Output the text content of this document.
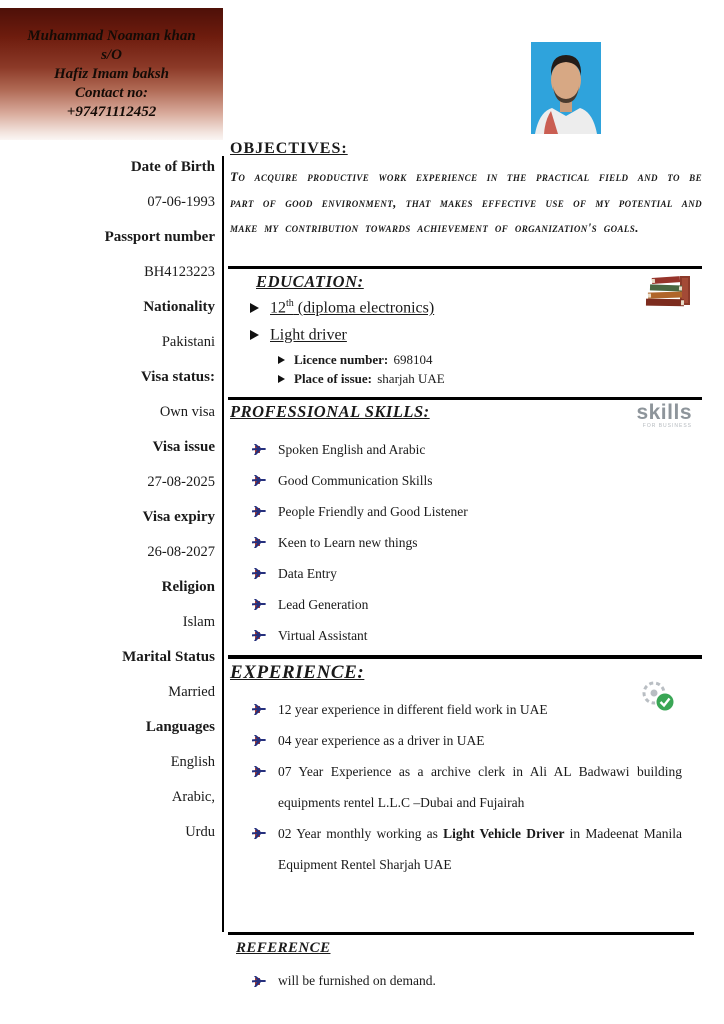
Muhammad Noaman khan
s/O
Hafiz Imam baksh
Contact no:
+97471112452
Date of Birth
07-06-1993
Passport number
BH4123223
Nationality
Pakistani
Visa status:
Own visa
Visa issue
27-08-2025
Visa expiry
26-08-2027
Religion
Islam
Marital Status
Married
Languages
English
Arabic,
Urdu
OBJECTIVES:

To acquire productive work experience in the practical field and to be part of good environment, that makes effective use of my potential and make my contribution towards achievement of organization's goals.

EDUCATION:
12th (diploma electronics)
Light driver
Licence number: 698104
Place of issue: sharjah UAE
PROFESSIONAL SKILLS:	skills
FOR BUSINESS
Spoken English and Arabic
Good Communication Skills
People Friendly and Good Listener
Keen to Learn new things
Data Entry
Lead Generation
Virtual Assistant
EXPERIENCE:
12 year experience in different field work in UAE
04 year experience as a driver in UAE
07 Year Experience as a archive clerk in Ali AL Badwawi building equipments rentel L.L.C –Dubai and Fujairah
02 Year monthly working as Light Vehicle Driver in Madeenat Manila Equipment Rentel Sharjah UAE
REFERENCE
will be furnished on demand.
